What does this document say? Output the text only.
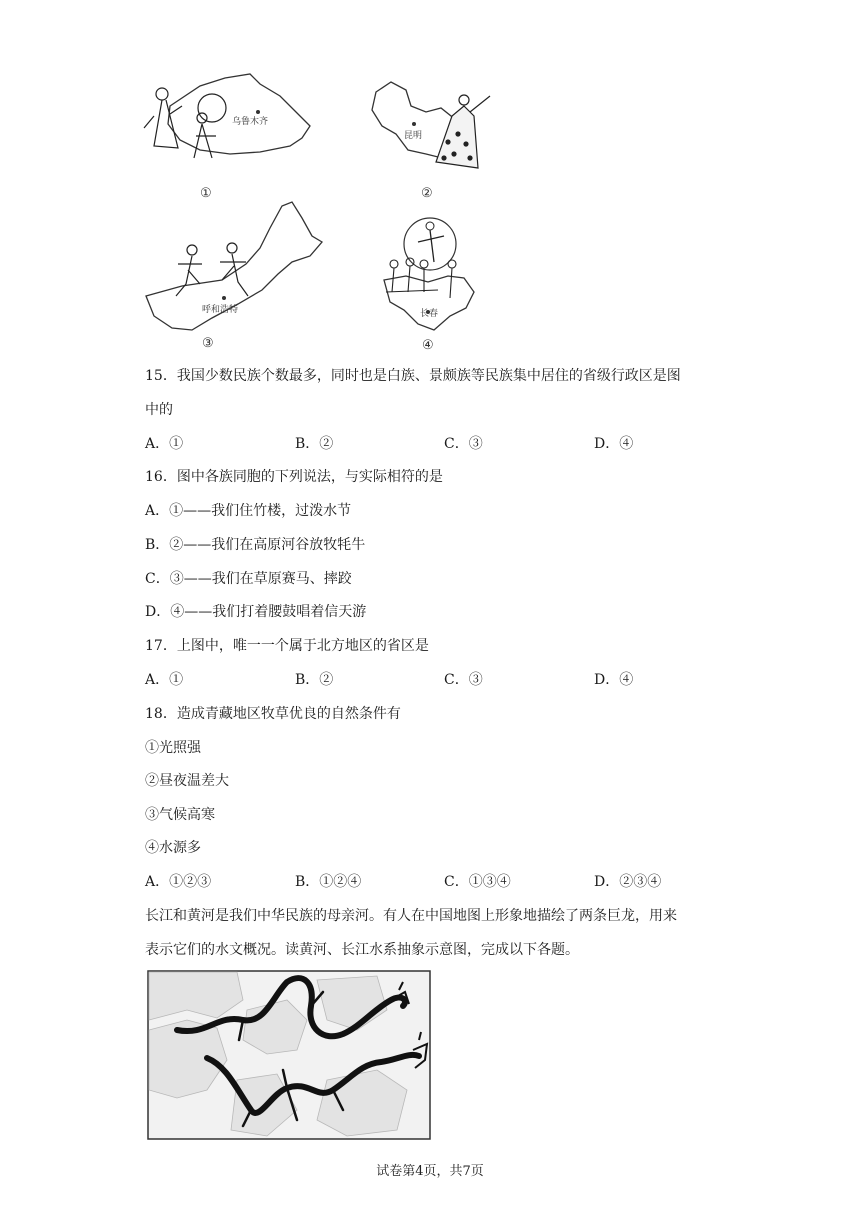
乌鲁木齐
①
昆明
②
呼和浩特
③
长春
④
15．我国少数民族个数最多，同时也是白族、景颇族等民族集中居住的省级行政区是图
中的
A．①	B．②	C．③	D．④
16．图中各族同胞的下列说法，与实际相符的是
A．①——我们住竹楼，过泼水节
B．②——我们在高原河谷放牧牦牛
C．③——我们在草原赛马、摔跤
D．④——我们打着腰鼓唱着信天游
17．上图中，唯一一个属于北方地区的省区是
A．①	B．②	C．③	D．④
18．造成青藏地区牧草优良的自然条件有
①光照强
②昼夜温差大
③气候高寒
④水源多
A．①②③	B．①②④	C．①③④	D．②③④
长江和黄河是我们中华民族的母亲河。有人在中国地图上形象地描绘了两条巨龙，用来
表示它们的水文概况。读黄河、长江水系抽象示意图，完成以下各题。
试卷第4页，共7页
